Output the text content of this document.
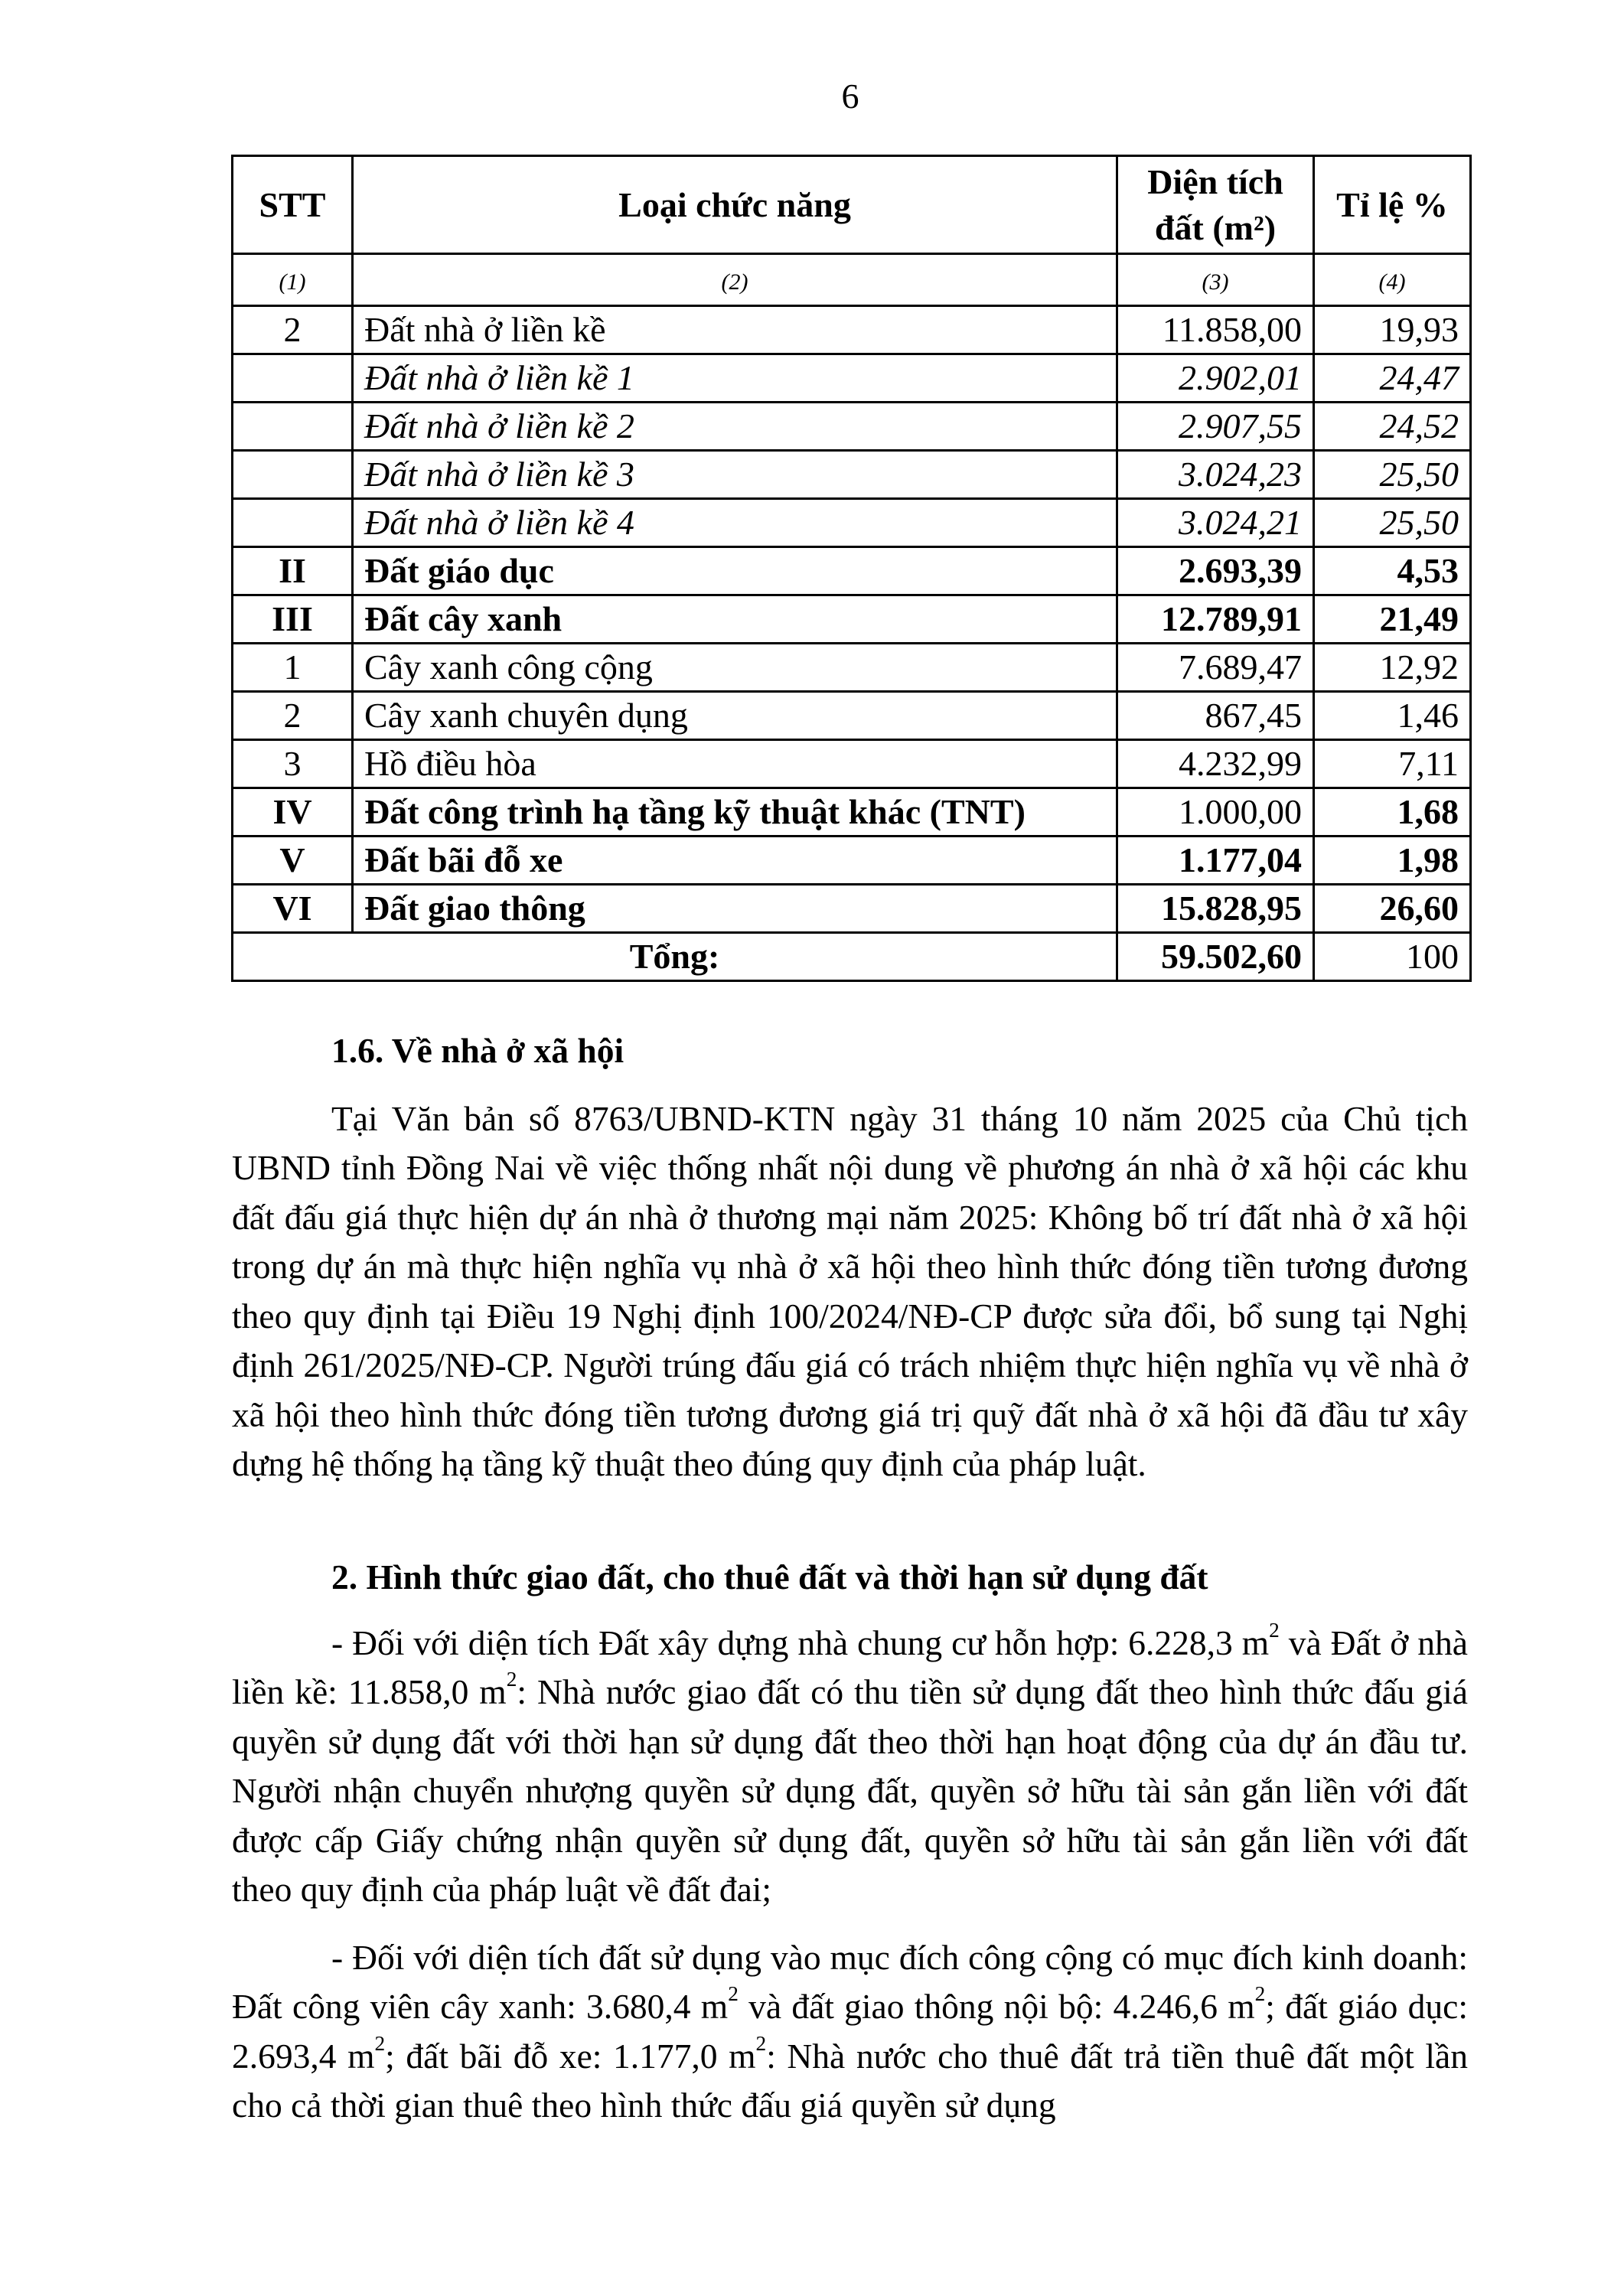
6
STT	Loại chức năng	Diện tích đất (m²)	Tỉ lệ %
(1)	(2)	(3)	(4)
2	Đất nhà ở liền kề	11.858,00	19,93
	Đất nhà ở liền kề 1	2.902,01	24,47
	Đất nhà ở liền kề 2	2.907,55	24,52
	Đất nhà ở liền kề 3	3.024,23	25,50
	Đất nhà ở liền kề 4	3.024,21	25,50
II	Đất giáo dục	2.693,39	4,53
III	Đất cây xanh	12.789,91	21,49
1	Cây xanh công cộng	7.689,47	12,92
2	Cây xanh chuyên dụng	867,45	1,46
3	Hồ điều hòa	4.232,99	7,11
IV	Đất công trình hạ tầng kỹ thuật khác (TNT)	1.000,00	1,68
V	Đất bãi đỗ xe	1.177,04	1,98
VI	Đất giao thông	15.828,95	26,60
Tổng:		59.502,60	100
1.6. Về nhà ở xã hội

Tại Văn bản số 8763/UBND-KTN ngày 31 tháng 10 năm 2025 của Chủ tịch UBND tỉnh Đồng Nai về việc thống nhất nội dung về phương án nhà ở xã hội các khu đất đấu giá thực hiện dự án nhà ở thương mại năm 2025: Không bố trí đất nhà ở xã hội trong dự án mà thực hiện nghĩa vụ nhà ở xã hội theo hình thức đóng tiền tương đương theo quy định tại Điều 19 Nghị định 100/2024/NĐ-CP được sửa đổi, bổ sung tại Nghị định 261/2025/NĐ-CP. Người trúng đấu giá có trách nhiệm thực hiện nghĩa vụ về nhà ở xã hội theo hình thức đóng tiền tương đương giá trị quỹ đất nhà ở xã hội đã đầu tư xây dựng hệ thống hạ tầng kỹ thuật theo đúng quy định của pháp luật.

2. Hình thức giao đất, cho thuê đất và thời hạn sử dụng đất

- Đối với diện tích Đất xây dựng nhà chung cư hỗn hợp: 6.228,3 $m^2$ và Đất ở nhà liền kề: 11.858,0 $m^2$: Nhà nước giao đất có thu tiền sử dụng đất theo hình thức đấu giá quyền sử dụng đất với thời hạn sử dụng đất theo thời hạn hoạt động của dự án đầu tư. Người nhận chuyển nhượng quyền sử dụng đất, quyền sở hữu tài sản gắn liền với đất được cấp Giấy chứng nhận quyền sử dụng đất, quyền sở hữu tài sản gắn liền với đất theo quy định của pháp luật về đất đai;

- Đối với diện tích đất sử dụng vào mục đích công cộng có mục đích kinh doanh: Đất công viên cây xanh: 3.680,4 $m^2$ và đất giao thông nội bộ: 4.246,6 $m^2$; đất giáo dục: 2.693,4 $m^2$; đất bãi đỗ xe: 1.177,0 $m^2$: Nhà nước cho thuê đất trả tiền thuê đất một lần cho cả thời gian thuê theo hình thức đấu giá quyền sử dụng
